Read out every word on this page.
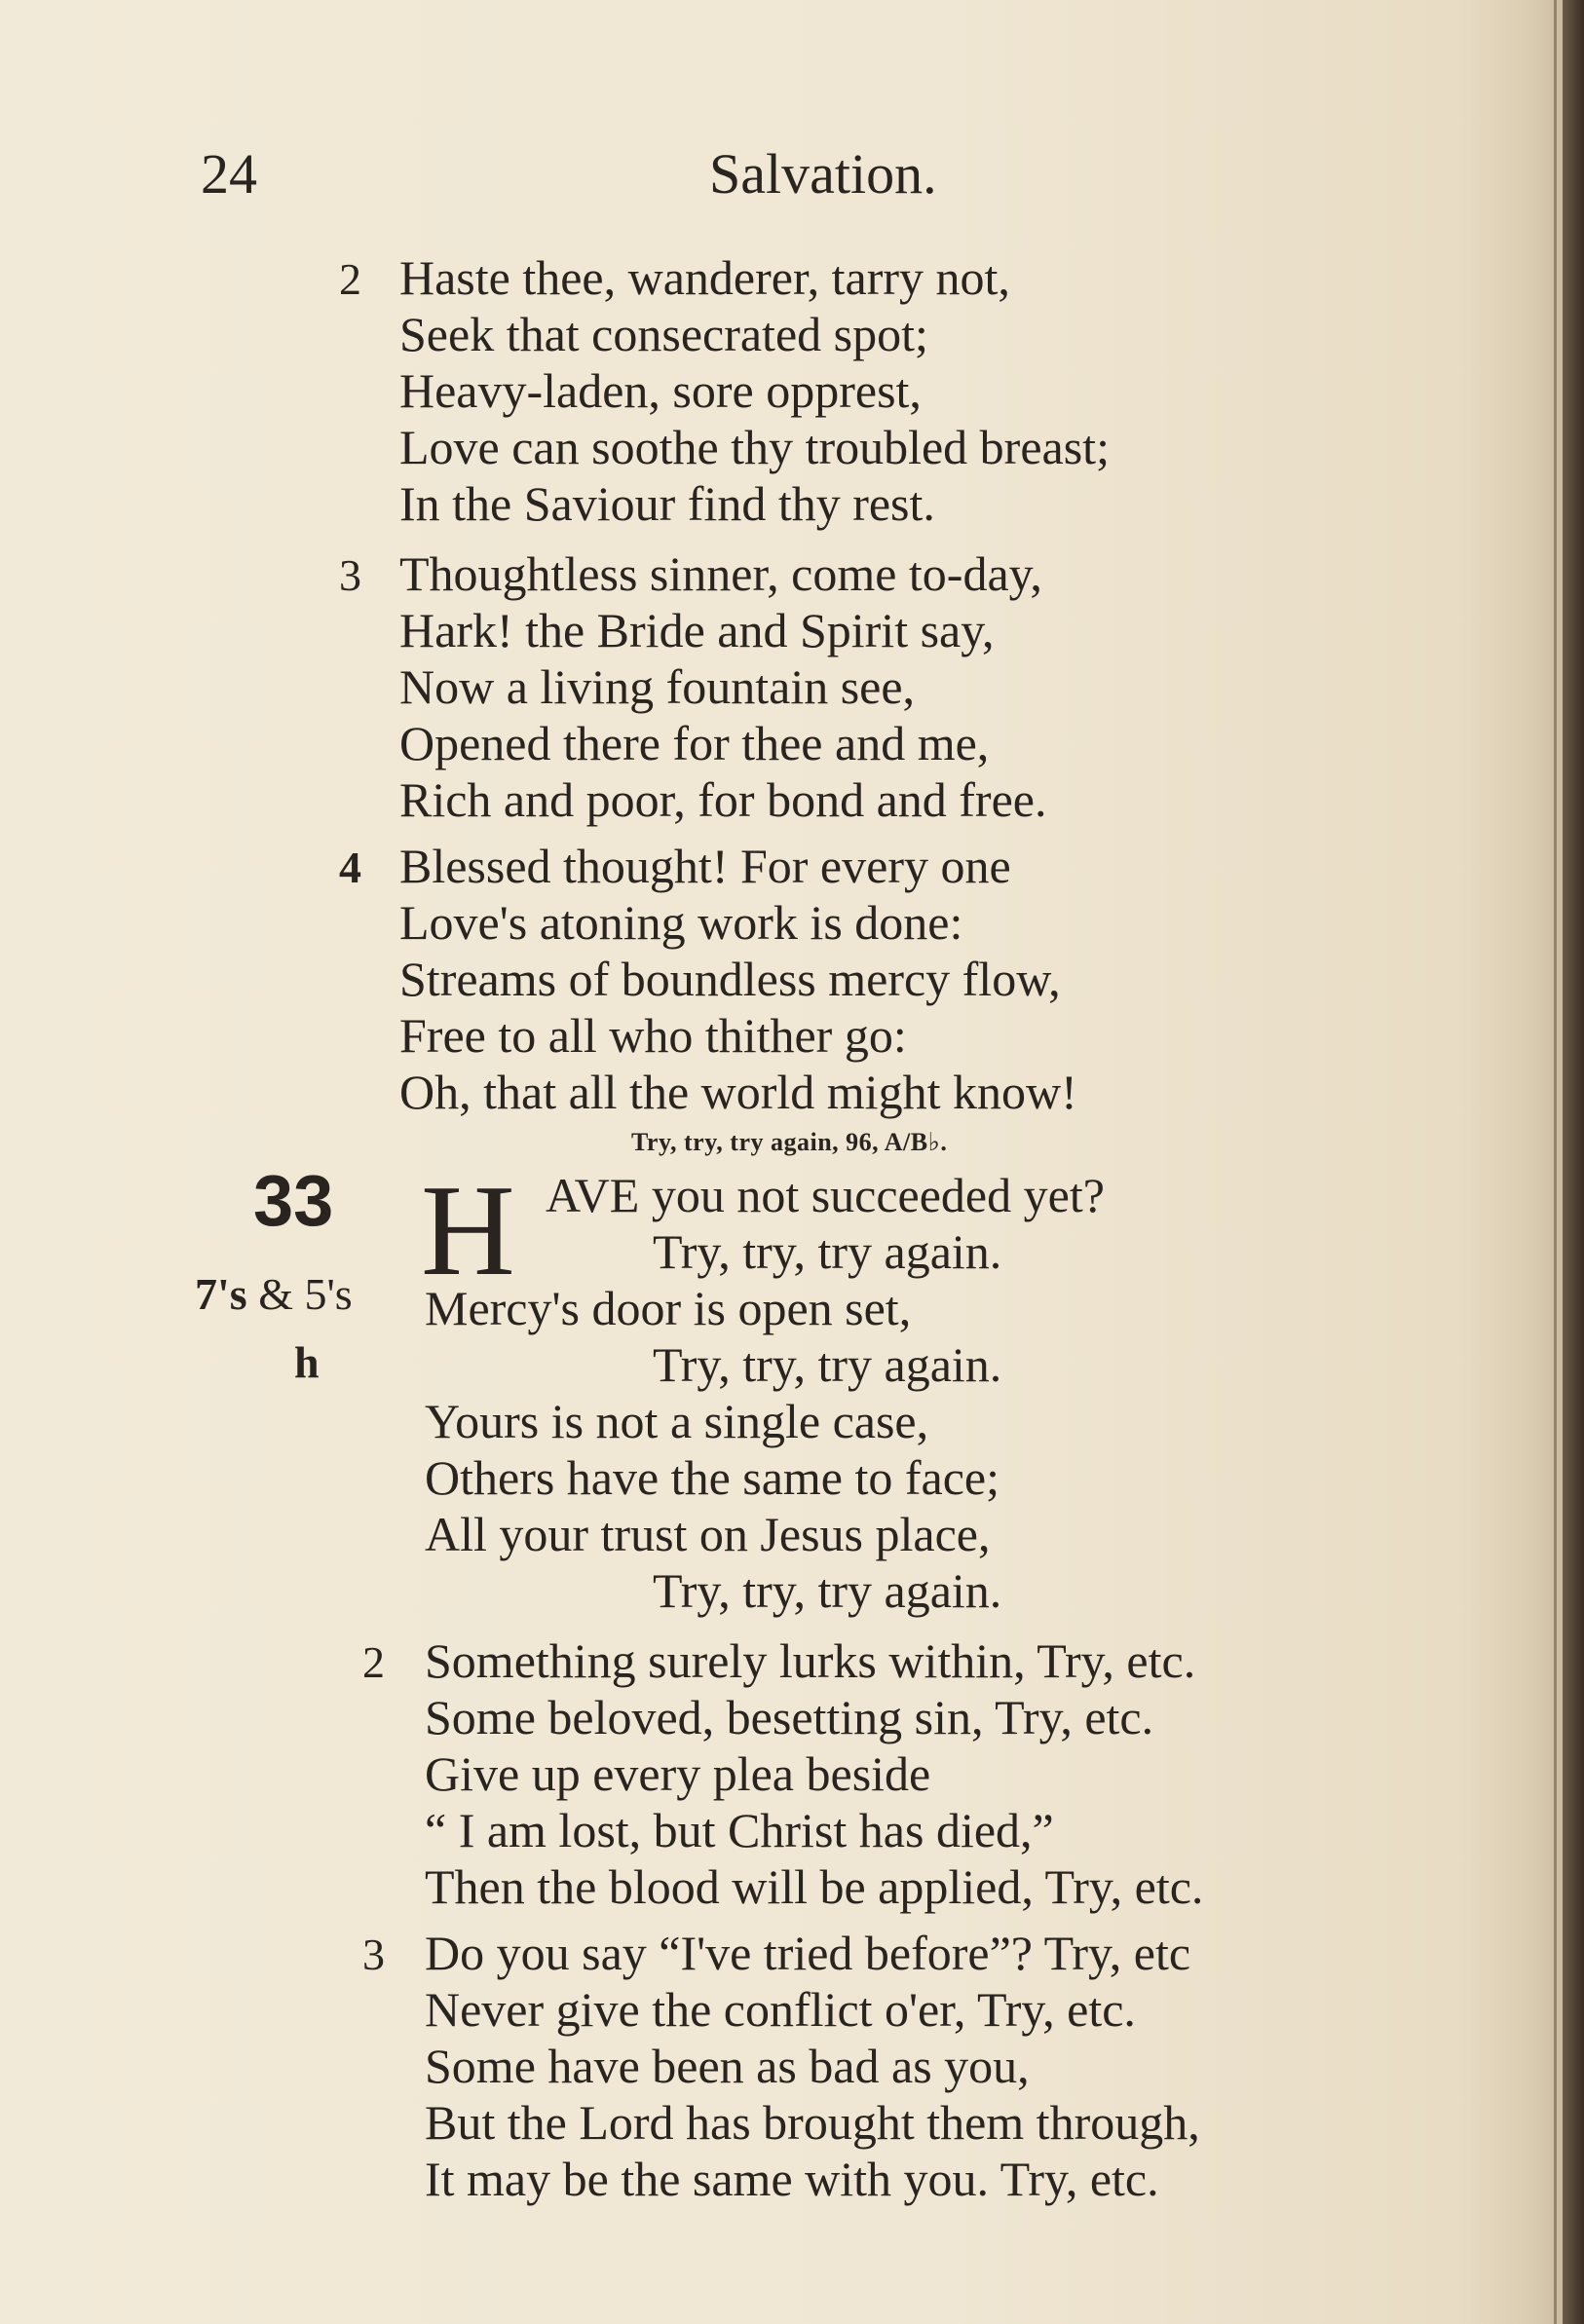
24	Salvation.
2 Haste thee, wanderer, tarry not,
Seek that consecrated spot;
Heavy-laden, sore opprest,
Love can soothe thy troubled breast;
In the Saviour find thy rest.
3 Thoughtless sinner, come to-day,
Hark! the Bride and Spirit say,
Now a living fountain see,
Opened there for thee and me,
Rich and poor, for bond and free.
4 Blessed thought! For every one
Love's atoning work is done:
Streams of boundless mercy flow,
Free to all who thither go:
Oh, that all the world might know!
Try, try, try again, 96, A/B♭.
33
7's & 5's
h
H AVE you not succeeded yet?
Try, try, try again.
Mercy's door is open set,
Try, try, try again.
Yours is not a single case,
Others have the same to face;
All your trust on Jesus place,
Try, try, try again.
2 Something surely lurks within, Try, etc.
Some beloved, besetting sin, Try, etc.
Give up every plea beside
“ I am lost, but Christ has died,”
Then the blood will be applied, Try, etc.
3 Do you say “I've tried before”? Try, etc
Never give the conflict o'er, Try, etc.
Some have been as bad as you,
But the Lord has brought them through,
It may be the same with you. Try, etc.
